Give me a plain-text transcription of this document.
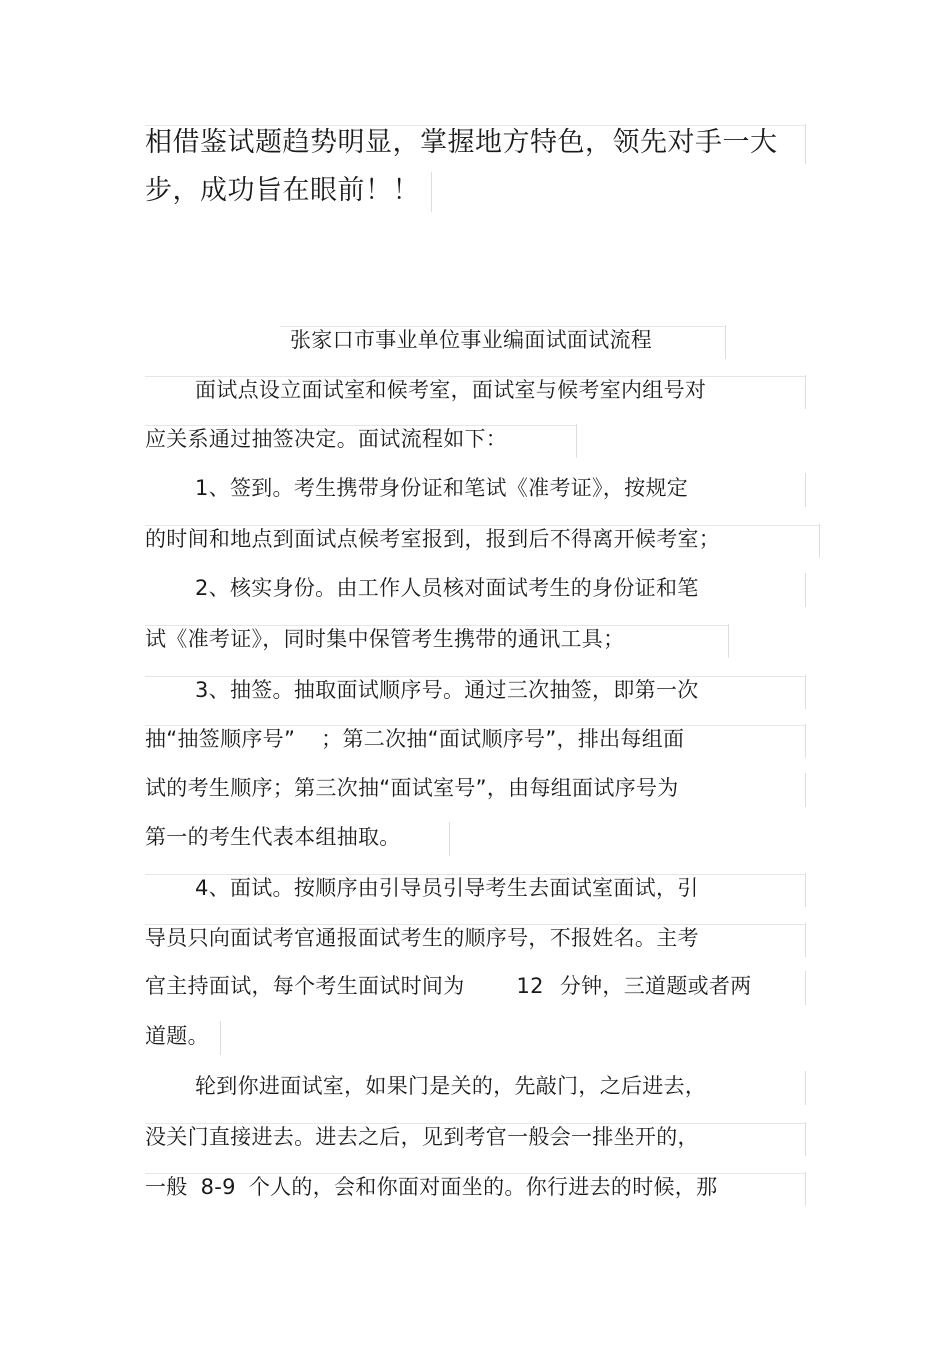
相借鉴试题趋势明显，掌握地方特色，领先对手一大
步，成功旨在眼前！！
张家口市事业单位事业编面试面试流程
面试点设立面试室和候考室，面试室与候考室内组号对
应关系通过抽签决定。面试流程如下：
1、签到。考生携带身份证和笔试《准考证》，按规定
的时间和地点到面试点候考室报到，报到后不得离开候考室；
2、核实身份。由工作人员核对面试考生的身份证和笔
试《准考证》，同时集中保管考生携带的通讯工具；
3、抽签。抽取面试顺序号。通过三次抽签，即第一次
抽“抽签顺序号” ；第二次抽“面试顺序号”，排出每组面
试的考生顺序；第三次抽“面试室号”，由每组面试序号为
第一的考生代表本组抽取。
4、面试。按顺序由引导员引导考生去面试室面试，引
导员只向面试考官通报面试考生的顺序号，不报姓名。主考
官主持面试，每个考生面试时间为 12 分钟，三道题或者两
道题。
轮到你进面试室，如果门是关的，先敲门，之后进去，
没关门直接进去。进去之后，见到考官一般会一排坐开的，
一般 8-9 个人的，会和你面对面坐的。你行进去的时候，那
